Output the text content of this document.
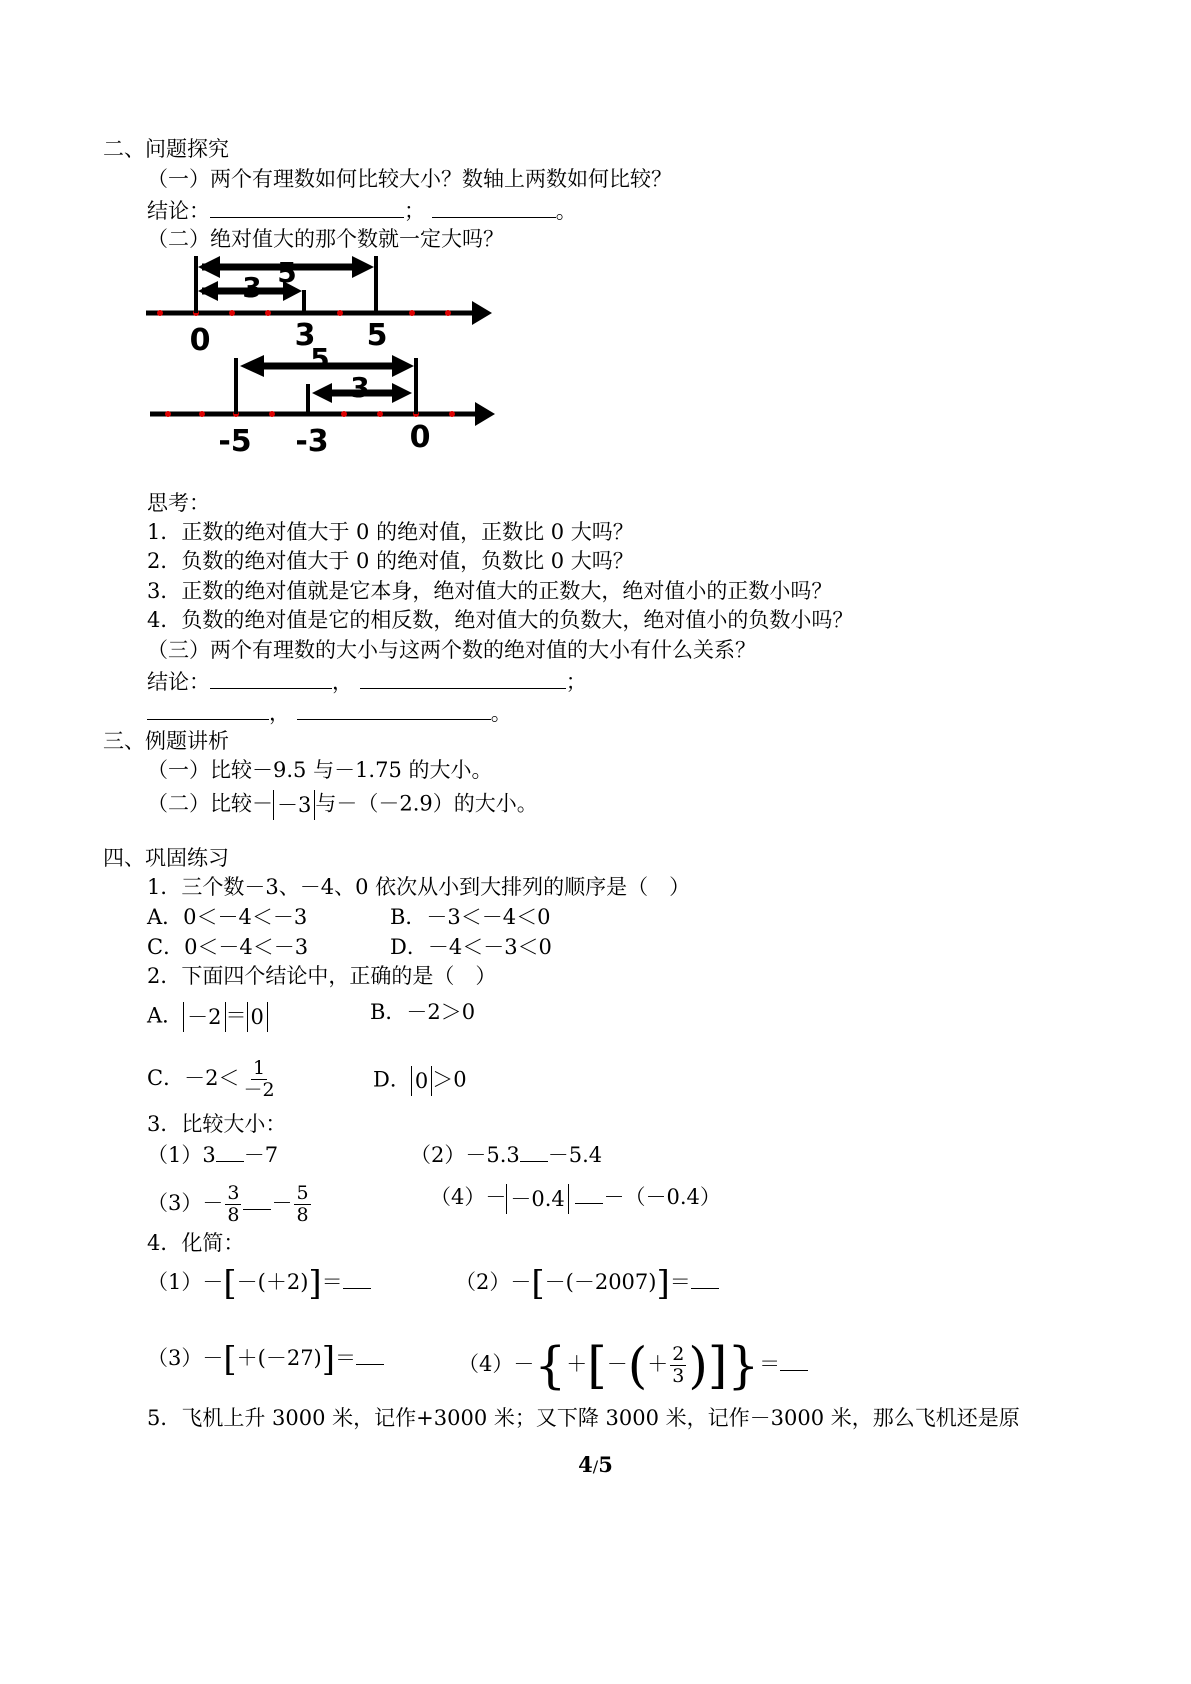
二、问题探究
（一）两个有理数如何比较大小？数轴上两数如何比较？
结论：	；	。
（二）绝对值大的那个数就一定大吗？
5
3
0	3 5
5
3
-5 -3	0
思考：
1．正数的绝对值大于 0 的绝对值，正数比 0 大吗？
2．负数的绝对值大于 0 的绝对值，负数比 0 大吗？
3．正数的绝对值就是它本身，绝对值大的正数大，绝对值小的正数小吗？
4．负数的绝对值是它的相反数，绝对值大的负数大，绝对值小的负数小吗？
（三）两个有理数的大小与这两个数的绝对值的大小有什么关系？
结论：	，	；
，	。
三、例题讲析
（一）比较－9.5 与－1.75 的大小。
（二）比较－ －3 与－（－2.9）的大小。
四、巩固练习
1．三个数－3、－4、0 依次从小到大排列的顺序是（　）
A．0＜－4＜－3	B．－3＜－4＜0
C．0＜－4＜－3	D．－4＜－3＜0
2．下面四个结论中，正确的是（　）
A． －2 ＝ 0	B．－2＞0
C．$-2< \frac{1}{-2}$	D． 0 ＞0
3．比较大小：
（1）3 －7	（2）－5.3 －5.4
$(3)- \frac{3}{8} - \frac{5}{8}$	（4）－ －0.4 －（－0.4）
4．化简：
（1）－[－(＋2)]＝	（2）－[－(－2007)]＝
（3）－[＋(－27)]＝	$(4)-\{+[-(+ \frac{2}{3}$ )]}＝
5．飞机上升 3000 米，记作+3000 米；又下降 3000 米，记作－3000 米，那么飞机还是原
4/5
